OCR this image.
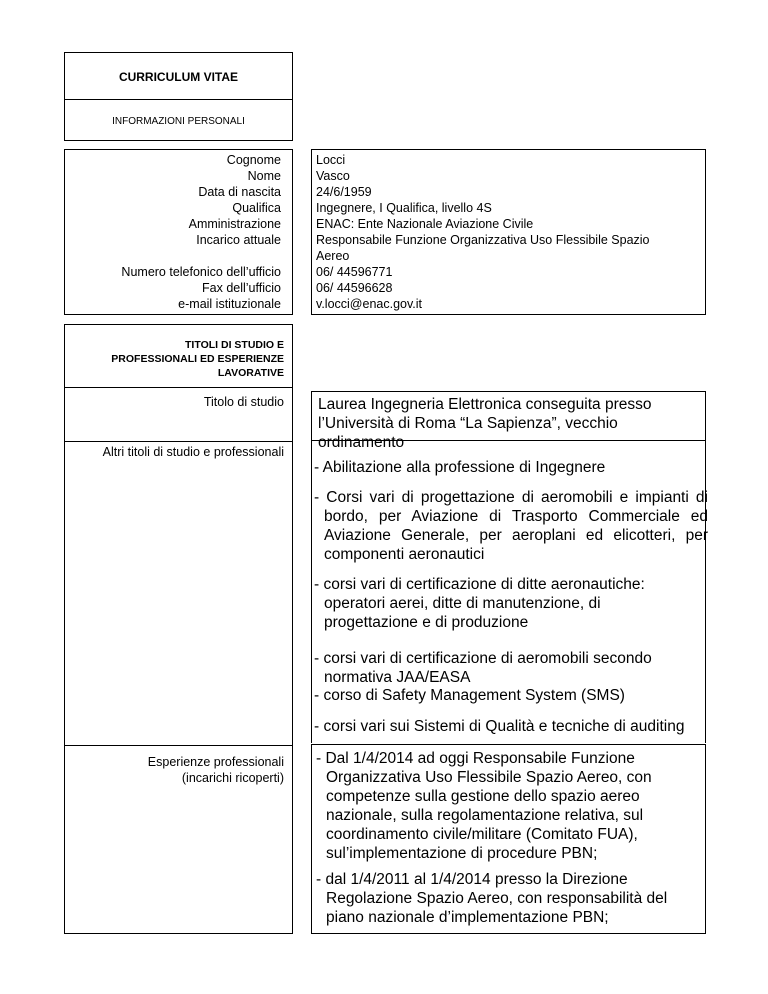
CURRICULUM VITAE
INFORMAZIONI PERSONALI
Cognome
Nome
Data di nascita
Qualifica
Amministrazione
Incarico attuale
Numero telefonico dell’ufficio
Fax dell’ufficio
e-mail istituzionale
Locci
Vasco
24/6/1959
Ingegnere, I Qualifica, livello 4S
ENAC: Ente Nazionale Aviazione Civile
Responsabile Funzione Organizzativa Uso Flessibile Spazio
Aereo
06/ 44596771
06/ 44596628
v.locci@enac.gov.it
TITOLI DI STUDIO E
PROFESSIONALI ED ESPERIENZE
LAVORATIVE
Titolo di studio
Altri titoli di studio e professionali
Esperienze professionali
(incarichi ricoperti)
Laurea Ingegneria Elettronica conseguita presso l’Università di Roma “La Sapienza”, vecchio ordinamento
- Abilitazione alla professione di Ingegnere
- Corsi vari di progettazione di aeromobili e impianti di bordo, per Aviazione di Trasporto Commerciale ed Aviazione Generale, per aeroplani ed elicotteri, per componenti aeronautici
- corsi vari di certificazione di ditte aeronautiche: operatori aerei, ditte di manutenzione, di progettazione e di produzione
- corsi vari di certificazione di aeromobili secondo normativa JAA/EASA
- corso di Safety Management System (SMS)
- corsi vari sui Sistemi di Qualità e tecniche di auditing
- Dal 1/4/2014 ad oggi Responsabile Funzione Organizzativa Uso Flessibile Spazio Aereo, con competenze sulla gestione dello spazio aereo nazionale, sulla regolamentazione relativa, sul coordinamento civile/militare (Comitato FUA), sul’implementazione di procedure PBN;
- dal 1/4/2011 al 1/4/2014 presso la Direzione Regolazione Spazio Aereo, con responsabilità del piano nazionale d’implementazione PBN;
